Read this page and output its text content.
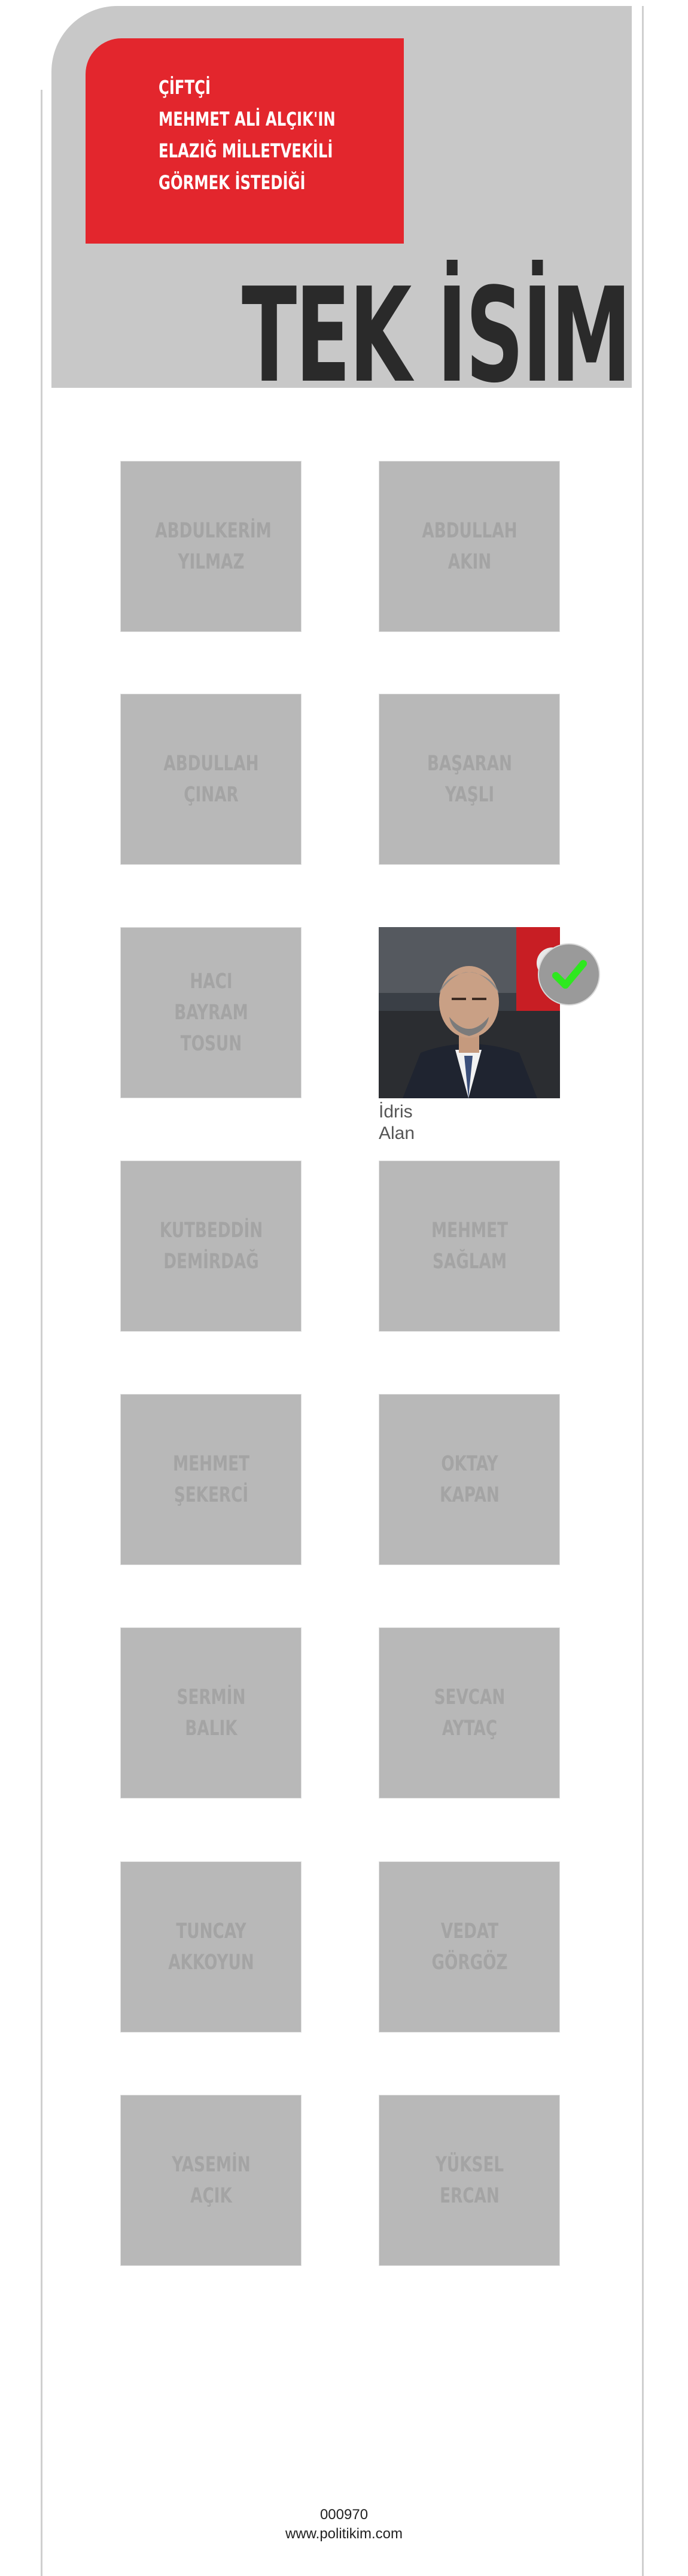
ÇİFTÇİ
MEHMET ALİ ALÇIK'IN
ELAZIĞ MİLLETVEKİLİ
GÖRMEK İSTEDİĞİ
TEK İSİM
ABDULKERİM
YILMAZ
ABDULLAH
AKIN
ABDULLAH
ÇINAR
BAŞARAN
YAŞLI
HACI
BAYRAM
TOSUN
İdris
Alan
KUTBEDDİN
DEMİRDAĞ
MEHMET
SAĞLAM
MEHMET
ŞEKERCİ
OKTAY
KAPAN
SERMİN
BALIK
SEVCAN
AYTAÇ
TUNCAY
AKKOYUN
VEDAT
GÖRGÖZ
YASEMİN
AÇIK
YÜKSEL
ERCAN
000970
www.politikim.com
